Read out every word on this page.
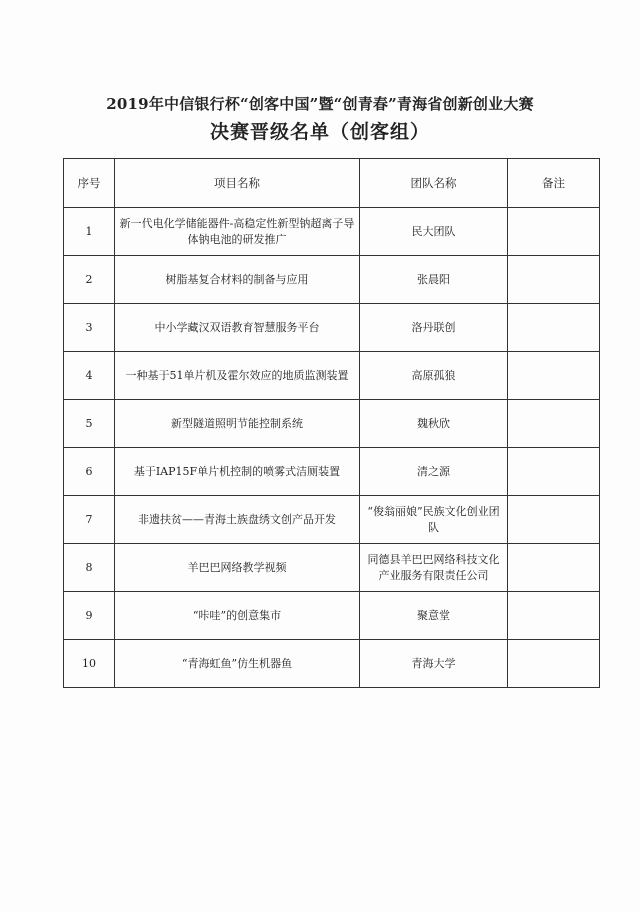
2019年中信银行杯“创客中国”暨“创青春”青海省创新创业大赛
决赛晋级名单（创客组）
序号	项目名称	团队名称	备注
1	新一代电化学储能器件-高稳定性新型钠超离子导体钠电池的研发推广	民大团队	
2	树脂基复合材料的制备与应用	张晨阳	
3	中小学藏汉双语教育智慧服务平台	洛丹联创	
4	一种基于51单片机及霍尔效应的地质监测装置	高原孤狼	
5	新型隧道照明节能控制系统	魏秋欣	
6	基于IAP15F单片机控制的喷雾式洁厕装置	清之源	
7	非遗扶贫——青海土族盘绣文创产品开发	“俊翁丽娘”民族文化创业团队	
8	羊巴巴网络教学视频	同德县羊巴巴网络科技文化产业服务有限责任公司	
9	“咔哇”的创意集市	聚意堂	
10	“青海虹鱼”仿生机器鱼	青海大学	
